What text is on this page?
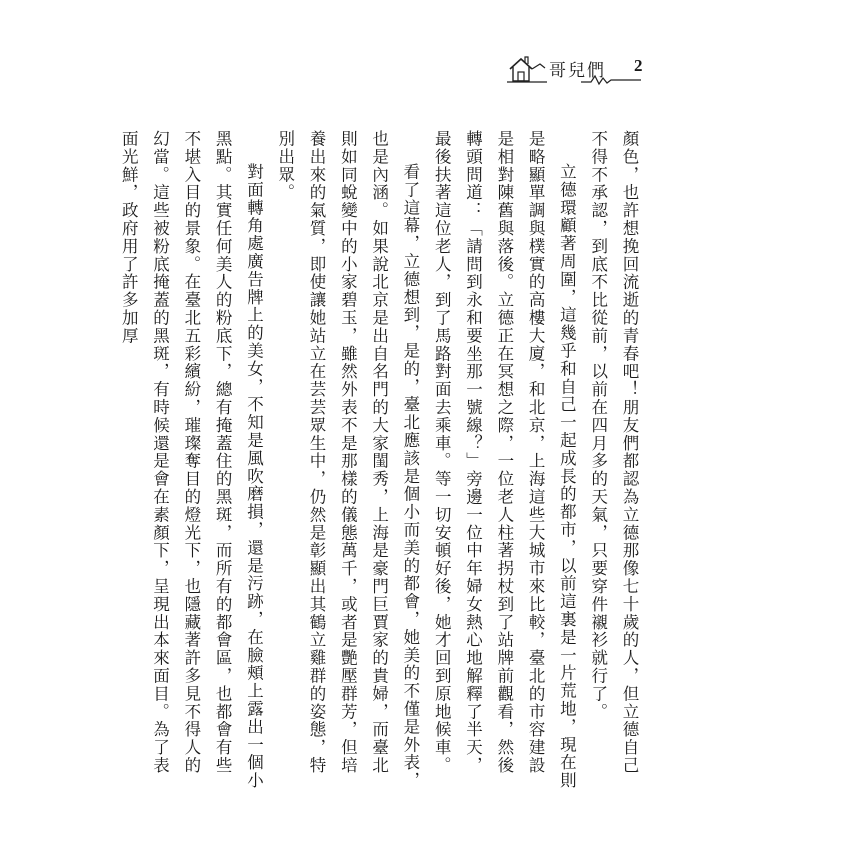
哥兒們 2

顏色，也許想挽回流逝的青春吧！朋友們都認為立德那像七十歲的人，但立德自己不得不承認，到底不比從前，以前在四月多的天氣，只要穿件襯衫就行了。

立德環顧著周圍，這幾乎和自己一起成長的都市，以前這裏是一片荒地，現在則是略顯單調與樸實的高樓大廈，和北京，上海這些大城市來比較，臺北的市容建設是相對陳舊與落後。立德正在冥想之際，一位老人柱著拐杖到了站牌前觀看，然後轉頭問道：「請問到永和要坐那一號線？」旁邊一位中年婦女熱心地解釋了半天，最後扶著這位老人，到了馬路對面去乘車。等一切安頓好後，她才回到原地候車。

看了這幕，立德想到，是的，臺北應該是個小而美的都會，她美的不僅是外表，也是內涵。如果說北京是出自名門的大家閨秀，上海是豪門巨賈家的貴婦，而臺北則如同蛻變中的小家碧玉，雖然外表不是那樣的儀態萬千，或者是艷壓群芳，但培養出來的氣質，即使讓她站立在芸芸眾生中，仍然是彰顯出其鶴立雞群的姿態，特別出眾。

對面轉角處廣告牌上的美女，不知是風吹磨損，還是污跡，在臉頰上露出一個小黑點。其實任何美人的粉底下，總有掩蓋住的黑斑，而所有的都會區，也都會有些不堪入目的景象。在臺北五彩繽紛，璀璨奪目的燈光下，也隱藏著許多見不得人的幻當。這些被粉底掩蓋的黑斑，有時候還是會在素顏下，呈現出本來面目。為了表面光鮮，政府用了許多加厚
